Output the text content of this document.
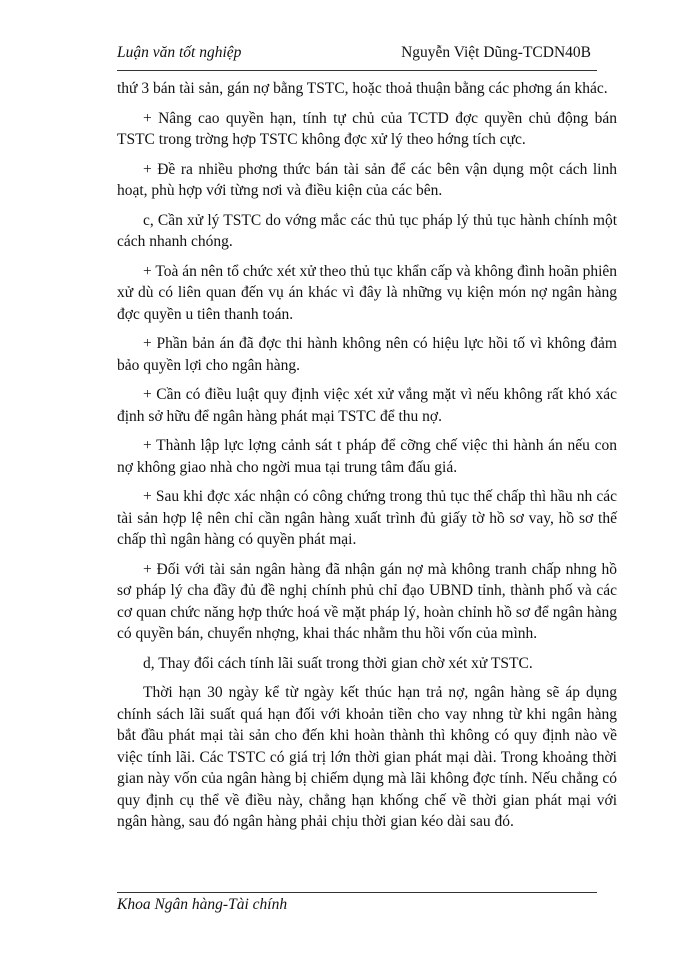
Luận văn tốt nghiệp	Nguyễn Việt Dũng-TCDN40B

thứ 3 bán tài sản, gán nợ bằng TSTC, hoặc thoả thuận bằng các phơng án khác.

+ Nâng cao quyền hạn, tính tự chủ của TCTD đợc quyền chủ động bán TSTC trong trờng hợp TSTC không đợc xử lý theo hớng tích cực.

+ Đề ra nhiều phơng thức bán tài sản để các bên vận dụng một cách linh hoạt, phù hợp với từng nơi và điều kiện của các bên.

c, Cần xử lý TSTC do vớng mắc các thủ tục pháp lý thủ tục hành chính một cách nhanh chóng.

+ Toà án nên tổ chức xét xử theo thủ tục khẩn cấp và không đình hoãn phiên xử dù có liên quan đến vụ án khác vì đây là những vụ kiện món nợ ngân hàng đợc quyền u tiên thanh toán.

+ Phần bản án đã đợc thi hành không nên có hiệu lực hồi tố vì không đảm bảo quyền lợi cho ngân hàng.

+ Cần có điều luật quy định việc xét xử vắng mặt vì nếu không rất khó xác định sở hữu để ngân hàng phát mại TSTC để thu nợ.

+ Thành lập lực lợng cảnh sát t pháp để cỡng chế việc thi hành án nếu con nợ không giao nhà cho ngời mua tại trung tâm đấu giá.

+ Sau khi đợc xác nhận có công chứng trong thủ tục thế chấp thì hầu nh các tài sản hợp lệ nên chỉ cần ngân hàng xuất trình đủ giấy tờ hồ sơ vay, hồ sơ thế chấp thì ngân hàng có quyền phát mại.

+ Đối với tài sản ngân hàng đã nhận gán nợ mà không tranh chấp nhng hồ sơ pháp lý cha đầy đủ đề nghị chính phủ chỉ đạo UBND tỉnh, thành phố và các cơ quan chức năng hợp thức hoá về mặt pháp lý, hoàn chỉnh hồ sơ để ngân hàng có quyền bán, chuyển nhợng, khai thác nhằm thu hồi vốn của mình.

d, Thay đổi cách tính lãi suất trong thời gian chờ xét xử TSTC.

Thời hạn 30 ngày kể từ ngày kết thúc hạn trả nợ, ngân hàng sẽ áp dụng chính sách lãi suất quá hạn đối với khoản tiền cho vay nhng từ khi ngân hàng bắt đầu phát mại tài sản cho đến khi hoàn thành thì không có quy định nào về việc tính lãi. Các TSTC có giá trị lớn thời gian phát mại dài. Trong khoảng thời gian này vốn của ngân hàng bị chiếm dụng mà lãi không đợc tính. Nếu chẳng có quy định cụ thể về điều này, chẳng hạn khống chế về thời gian phát mại với ngân hàng, sau đó ngân hàng phải chịu thời gian kéo dài sau đó.

Khoa Ngân hàng-Tài chính
